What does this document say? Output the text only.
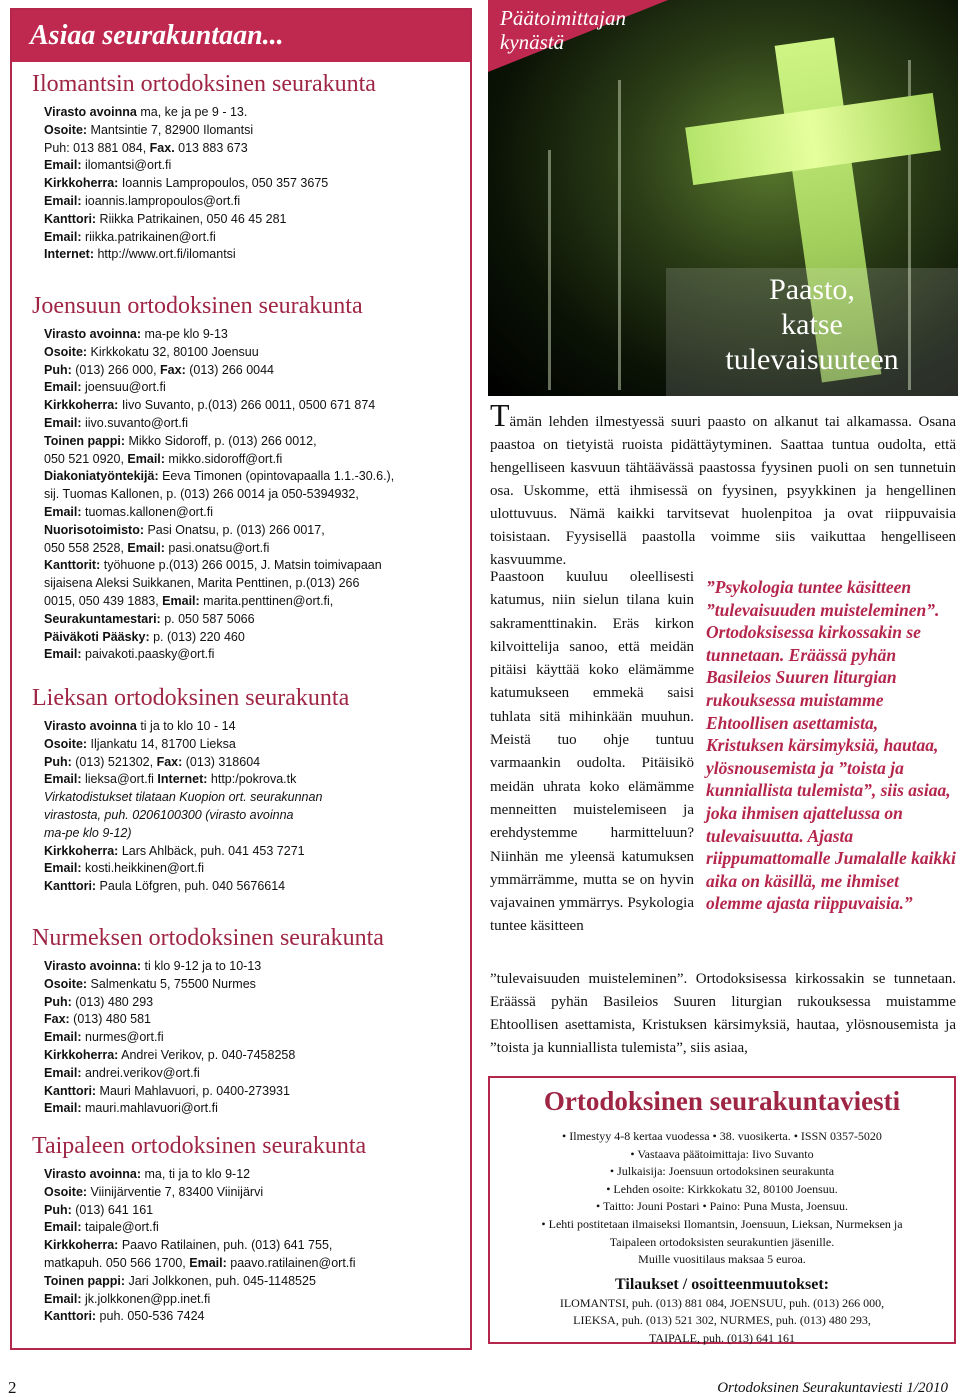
Asiaa seurakuntaan...
Ilomantsin ortodoksinen seurakunta
Virasto avoinna ma, ke ja pe 9 - 13.
Osoite: Mantsintie 7, 82900 Ilomantsi
Puh: 013 881 084, Fax. 013 883 673
Email: ilomantsi@ort.fi
Kirkkoherra: Ioannis Lampropoulos, 050 357 3675
Email: ioannis.lampropoulos@ort.fi
Kanttori: Riikka Patrikainen, 050 46 45 281
Email: riikka.patrikainen@ort.fi
Internet: http://www.ort.fi/ilomantsi
Joensuun ortodoksinen seurakunta
Virasto avoinna: ma-pe klo 9-13
Osoite: Kirkkokatu 32, 80100 Joensuu
Puh: (013) 266 000, Fax: (013) 266 0044
Email: joensuu@ort.fi
Kirkkoherra: Iivo Suvanto, p.(013) 266 0011, 0500 671 874
Email: iivo.suvanto@ort.fi
Toinen pappi: Mikko Sidoroff, p. (013) 266 0012,
050 521 0920, Email: mikko.sidoroff@ort.fi
Diakoniatyöntekijä: Eeva Timonen (opintovapaalla 1.1.-30.6.),
sij. Tuomas Kallonen, p. (013) 266 0014 ja 050-5394932,
Email: tuomas.kallonen@ort.fi
Nuorisotoimisto: Pasi Onatsu, p. (013) 266 0017,
050 558 2528, Email: pasi.onatsu@ort.fi
Kanttorit: työhuone p.(013) 266 0015, J. Matsin toimivapaan
sijaisena Aleksi Suikkanen, Marita Penttinen, p.(013) 266
0015, 050 439 1883, Email: marita.penttinen@ort.fi,
Seurakuntamestari: p. 050 587 5066
Päiväkoti Pääsky: p. (013) 220 460
Email: paivakoti.paasky@ort.fi
Lieksan ortodoksinen seurakunta
Virasto avoinna ti ja to klo 10 - 14
Osoite: Iljankatu 14, 81700 Lieksa
Puh: (013) 521302, Fax: (013) 318604
Email: lieksa@ort.fi Internet: http:/pokrova.tk
Virkatodistukset tilataan Kuopion ort. seurakunnan
virastosta, puh. 0206100300 (virasto avoinna
ma-pe klo 9-12)
Kirkkoherra: Lars Ahlbäck, puh. 041 453 7271
Email: kosti.heikkinen@ort.fi
Kanttori: Paula Löfgren, puh. 040 5676614
Nurmeksen ortodoksinen seurakunta
Virasto avoinna: ti klo 9-12 ja to 10-13
Osoite: Salmenkatu 5, 75500 Nurmes
Puh: (013) 480 293
Fax: (013) 480 581
Email: nurmes@ort.fi
Kirkkoherra: Andrei Verikov, p. 040-7458258
Email: andrei.verikov@ort.fi
Kanttori: Mauri Mahlavuori, p. 0400-273931
Email: mauri.mahlavuori@ort.fi
Taipaleen ortodoksinen seurakunta
Virasto avoinna: ma, ti ja to klo 9-12
Osoite: Viinijärventie 7, 83400 Viinijärvi
Puh: (013) 641 161
Email: taipale@ort.fi
Kirkkoherra: Paavo Ratilainen, puh. (013) 641 755,
matkapuh. 050 566 1700, Email: paavo.ratilainen@ort.fi
Toinen pappi: Jari Jolkkonen, puh. 045-1148525
Email: jk.jolkkonen@pp.inet.fi
Kanttori: puh. 050-536 7424
Päätoimittajan
kynästä
Paasto,
katse
tulevaisuuteen

Tämän lehden ilmestyessä suuri paasto on alkanut tai alkamassa. Osana paastoa on tietyistä ruoista pidättäytyminen. Saattaa tuntua oudolta, että hengelliseen kasvuun tähtäävässä paastossa fyysinen puoli on sen tunnetuin osa. Uskomme, että ihmisessä on fyysinen, psyykkinen ja hengellinen ulottuvuus. Nämä kaikki tarvitsevat huolenpitoa ja ovat riippuvaisia toisistaan. Fyysisellä paastolla voimme siis vaikuttaa hengelliseen kasvuumme.

Paastoon kuuluu oleellisesti katumus, niin sielun tilana kuin sakramenttinakin. Eräs kirkon kilvoittelija sanoo, että meidän pitäisi käyttää koko elämämme katumukseen emmekä saisi tuhlata sitä mihinkään muuhun. Meistä tuo ohje tuntuu varmaankin oudolta. Pitäisikö meidän uhrata koko elämämme menneitten muistelemiseen ja erehdystemme harmitteluun? Niinhän me yleensä katumuksen ymmärrämme, mutta se on hyvin vajavainen ymmärrys. Psykologia tuntee käsitteen
”Psykologia tuntee käsitteen ”tulevaisuuden muisteleminen”. Ortodoksisessa kirkossakin se tunnetaan. Eräässä pyhän Basileios Suuren liturgian rukouksessa muistamme Ehtoollisen asettamista, Kristuksen kärsimyksiä, hautaa, ylösnousemista ja ”toista ja kunniallista tulemista”, siis asiaa, joka ihmisen ajattelussa on tulevaisuutta. Ajasta riippumattomalle Jumalalle kaikki aika on käsillä, me ihmiset olemme ajasta riippuvaisia.”
”tulevaisuuden muisteleminen”. Ortodoksisessa kirkossakin se tunnetaan. Eräässä pyhän Basileios Suuren liturgian rukouksessa muistamme Ehtoollisen asettamista, Kristuksen kärsimyksiä, hautaa, ylösnousemista ja ”toista ja kunniallista tulemista”, siis asiaa,
Ortodoksinen seurakuntaviesti
• Ilmestyy 4-8 kertaa vuodessa • 38. vuosikerta. • ISSN 0357-5020
• Vastaava päätoimittaja: Iivo Suvanto
• Julkaisija: Joensuun ortodoksinen seurakunta
• Lehden osoite: Kirkkokatu 32, 80100 Joensuu.
• Taitto: Jouni Postari • Paino: Puna Musta, Joensuu.
• Lehti postitetaan ilmaiseksi Ilomantsin, Joensuun, Lieksan, Nurmeksen ja
Taipaleen ortodoksisten seurakuntien jäsenille.
Muille vuositilaus maksaa 5 euroa.
Tilaukset / osoitteenmuutokset:
ILOMANTSI, puh. (013) 881 084, JOENSUU, puh. (013) 266 000,
LIEKSA, puh. (013) 521 302, NURMES, puh. (013) 480 293,
TAIPALE, puh. (013) 641 161
2	Ortodoksinen Seurakuntaviesti 1/2010
